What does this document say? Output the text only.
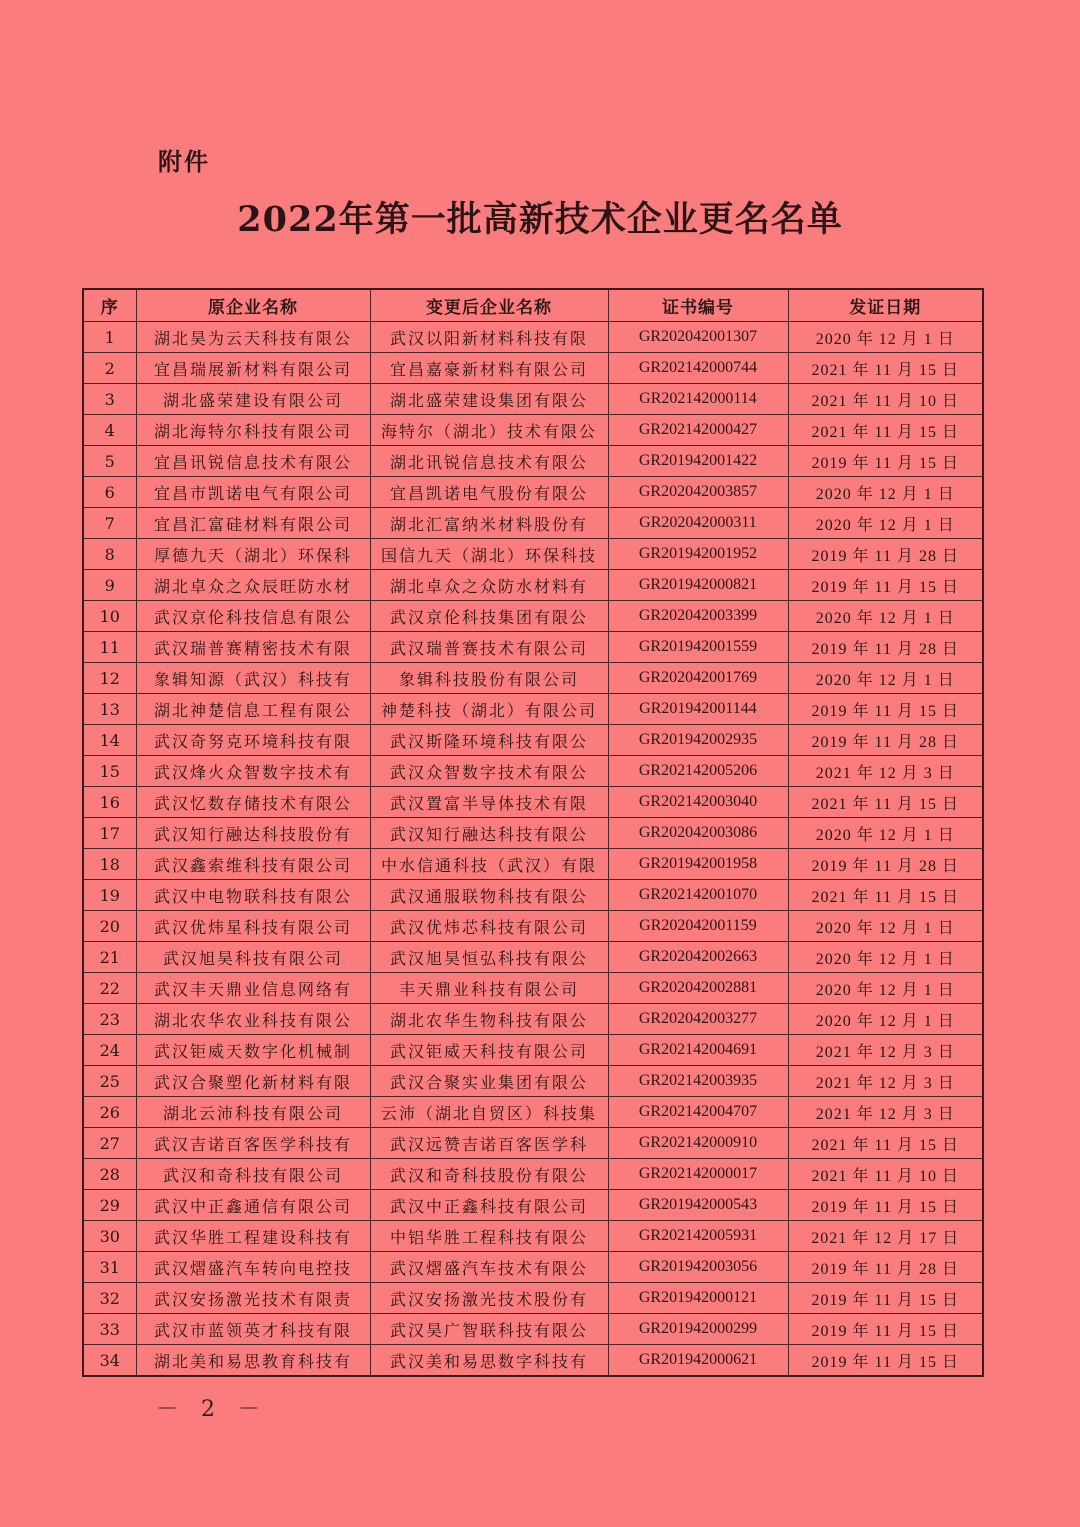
附件
2022年第一批高新技术企业更名名单
序	原企业名称	变更后企业名称	证书编号	发证日期
1	湖北昊为云天科技有限公	武汉以阳新材料科技有限	GR202042001307	2020 年 12 月 1 日
2	宜昌瑞展新材料有限公司	宜昌嘉豪新材料有限公司	GR202142000744	2021 年 11 月 15 日
3	湖北盛荣建设有限公司	湖北盛荣建设集团有限公	GR202142000114	2021 年 11 月 10 日
4	湖北海特尔科技有限公司	海特尔（湖北）技术有限公	GR202142000427	2021 年 11 月 15 日
5	宜昌讯锐信息技术有限公	湖北讯锐信息技术有限公	GR201942001422	2019 年 11 月 15 日
6	宜昌市凯诺电气有限公司	宜昌凯诺电气股份有限公	GR202042003857	2020 年 12 月 1 日
7	宜昌汇富硅材料有限公司	湖北汇富纳米材料股份有	GR202042000311	2020 年 12 月 1 日
8	厚德九天（湖北）环保科	国信九天（湖北）环保科技	GR201942001952	2019 年 11 月 28 日
9	湖北卓众之众辰旺防水材	湖北卓众之众防水材料有	GR201942000821	2019 年 11 月 15 日
10	武汉京伦科技信息有限公	武汉京伦科技集团有限公	GR202042003399	2020 年 12 月 1 日
11	武汉瑞普赛精密技术有限	武汉瑞普赛技术有限公司	GR201942001559	2019 年 11 月 28 日
12	象辑知源（武汉）科技有	象辑科技股份有限公司	GR202042001769	2020 年 12 月 1 日
13	湖北神楚信息工程有限公	神楚科技（湖北）有限公司	GR201942001144	2019 年 11 月 15 日
14	武汉奇努克环境科技有限	武汉斯隆环境科技有限公	GR201942002935	2019 年 11 月 28 日
15	武汉烽火众智数字技术有	武汉众智数字技术有限公	GR202142005206	2021 年 12 月 3 日
16	武汉忆数存储技术有限公	武汉置富半导体技术有限	GR202142003040	2021 年 11 月 15 日
17	武汉知行融达科技股份有	武汉知行融达科技有限公	GR202042003086	2020 年 12 月 1 日
18	武汉鑫索维科技有限公司	中水信通科技（武汉）有限	GR201942001958	2019 年 11 月 28 日
19	武汉中电物联科技有限公	武汉通服联物科技有限公	GR202142001070	2021 年 11 月 15 日
20	武汉优炜星科技有限公司	武汉优炜芯科技有限公司	GR202042001159	2020 年 12 月 1 日
21	武汉旭昊科技有限公司	武汉旭昊恒弘科技有限公	GR202042002663	2020 年 12 月 1 日
22	武汉丰天鼎业信息网络有	丰天鼎业科技有限公司	GR202042002881	2020 年 12 月 1 日
23	湖北农华农业科技有限公	湖北农华生物科技有限公	GR202042003277	2020 年 12 月 1 日
24	武汉钜威天数字化机械制	武汉钜威天科技有限公司	GR202142004691	2021 年 12 月 3 日
25	武汉合聚塑化新材料有限	武汉合聚实业集团有限公	GR202142003935	2021 年 12 月 3 日
26	湖北云沛科技有限公司	云沛（湖北自贸区）科技集	GR202142004707	2021 年 12 月 3 日
27	武汉吉诺百客医学科技有	武汉远赞吉诺百客医学科	GR202142000910	2021 年 11 月 15 日
28	武汉和奇科技有限公司	武汉和奇科技股份有限公	GR202142000017	2021 年 11 月 10 日
29	武汉中正鑫通信有限公司	武汉中正鑫科技有限公司	GR201942000543	2019 年 11 月 15 日
30	武汉华胜工程建设科技有	中铝华胜工程科技有限公	GR202142005931	2021 年 12 月 17 日
31	武汉熠盛汽车转向电控技	武汉熠盛汽车技术有限公	GR201942003056	2019 年 11 月 28 日
32	武汉安扬激光技术有限责	武汉安扬激光技术股份有	GR201942000121	2019 年 11 月 15 日
33	武汉市蓝领英才科技有限	武汉昊广智联科技有限公	GR201942000299	2019 年 11 月 15 日
34	湖北美和易思教育科技有	武汉美和易思数字科技有	GR201942000621	2019 年 11 月 15 日
－ 2 －
